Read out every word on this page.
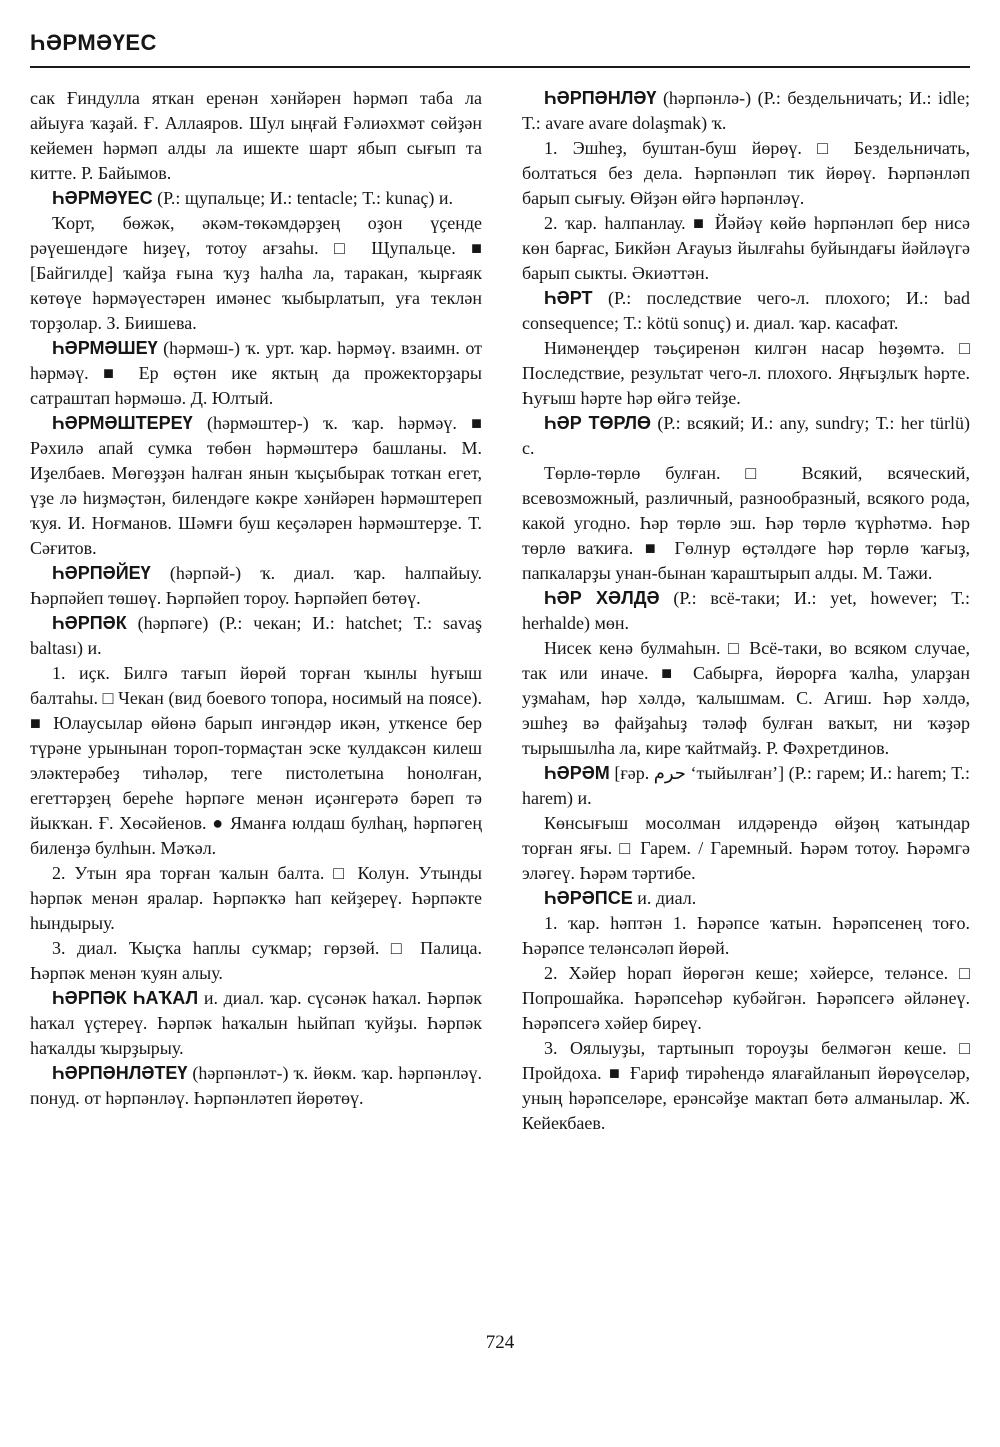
ҺӘРМӘҮЕС

сак Ғиндулла яткан еренән хәнйәрен һәрмәп таба ла айыуға ҡаҙай. Ғ. Аллаяров. Шул ыңғай Ғәлиәхмәт сөйҙән кейемен һәрмәп алды ла ишекте шарт ябып сығып та китте. Р. Байымов.

ҺӘРМӘҮЕС (Р.: щупальце; И.: tentacle; Т.: kunaç) и.

Ҡорт, бөжәк, әкәм-төкәмдәрҙең оҙон үҫенде рәүешендәге һиҙеү, тотоу ағзаһы. □ Щупальце. ■ [Байгилде] ҡайҙа ғына ҡуҙ һалһа ла, таракан, ҡырғаяк көтөүе һәрмәүестәрен имәнес ҡыбырлатып, уға теклән торҙолар. З. Биишева.

ҺӘРМӘШЕҮ (һәрмәш-) ҡ. урт. ҡар. һәрмәү. взаимн. от һәрмәү. ■ Ер өҫтөн ике яктың да прожекторҙары сатраштап һәрмәшә. Д. Юлтый.

ҺӘРМӘШТЕРЕҮ (һәрмәштер-) ҡ. ҡар. һәрмәү. ■ Рәхилә апай сумка төбөн һәрмәштерә башланы. М. Иҙелбаев. Мөгөҙҙән һалған янын ҡыҫыбырак тоткан егет, үҙе лә һиҙмәҫтән, билендәге кәкре хәнйәрен һәрмәштереп ҡуя. И. Ноғманов. Шәмғи буш кеҫәләрен һәрмәштерҙе. Т. Сәғитов.

ҺӘРПӘЙЕҮ (һәрпәй-) ҡ. диал. ҡар. һалпайыу. Һәрпәйеп төшөү. Һәрпәйеп тороу. Һәрпәйеп бөтөү.

ҺӘРПӘК (һәрпәге) (Р.: чекан; И.: hatchet; Т.: savaş baltası) и.

1. иҫк. Билгә тағып йөрөй торған ҡынлы һуғыш балтаһы. □ Чекан (вид боевого топора, носимый на поясе). ■ Юлаусылар өйөнә барып ингәндәр икән, уткенсе бер түрәне урынынан тороп-тормаҫтан эске ҡулдаксән килеш эләктерәбеҙ тиһәләр, тегe пистолетына һонолған, егеттәрҙең береһе һәрпәгe менән иҫәнгерәтә бәреп тә йыкҡан. Ғ. Хөсәйенов. ● Яманға юлдаш булһаң, һәрпәгeң биленҙә булһын. Мәҡәл.

2. Утын яра торған ҡалын балта. □ Колун. Утынды һәрпәк менән яралар. Һәрпәкҡә һап кейҙереү. Һәрпәкте һындырыу.

3. диал. Ҡыҫҡа һаплы суҡмар; гөрзөй. □ Палица. Һәрпәк менән ҡуян алыу.

ҺӘРПӘК ҺАҠАЛ и. диал. ҡар. сүсәнәк һаҡал. Һәрпәк һаҡал үҫтереү. Һәрпәк һаҡалын һыйпап ҡуйҙы. Һәрпәк һаҡалды ҡырҙырыу.

ҺӘРПӘНЛӘТЕҮ (һәрпәнләт-) ҡ. йөкм. ҡар. һәрпәнләү. понуд. от һәрпәнләү. Һәрпәнләтеп йөрөтөү.

ҺӘРПӘНЛӘҮ (һәрпәнлә-) (Р.: бездельничать; И.: idle; Т.: avare avare dolaşmak) ҡ.

1. Эшһеҙ, буштан-буш йөрөү. □ Бездельничать, болтаться без дела. Һәрпәнләп тик йөрөү. Һәрпәнләп барып сығыу. Өйҙән өйгә һәрпәнләү.

2. ҡар. һалпанлау. ■ Йәйәү көйө һәрпәнләп бер нисә көн барғас, Бикйән Ағауыз йылғаһы буйындағы йәйләүгә барып сыкты. Әкиәттән.

ҺӘРТ (Р.: последствие чего-л. плохого; И.: bad consequence; Т.: kötü sonuç) и. диал. ҡар. касафат.

Нимәнеңдер тәьҫиренән килгән насар һөҙөмтә. □ Последствие, результат чего-л. плохого. Яңғыҙлыҡ һәрте. Һуғыш һәрте һәр өйгә тейҙе.

ҺӘР ТӨРЛӨ (Р.: всякий; И.: any, sundry; Т.: her türlü) с.

Төрлө-төрлө булған. □ Всякий, всяческий, всевозможный, различный, разнообразный, всякого рода, какой угодно. Һәр төрлө эш. Һәр төрлө ҡүрһәтмә. Һәр төрлө ваҡиға. ■ Гөлнур өҫтәлдәге һәр төрлө ҡағыҙ, папкаларҙы унан-бынан ҡараштырып алды. М. Тажи.

ҺӘР ХӘЛДӘ (Р.: всё-таки; И.: yet, however; Т.: herhalde) мөн.

Нисек кенә булмаһын. □ Всё-таки, во всяком случае, так или иначе. ■ Сабырға, йөрорға ҡалһа, уларҙан уҙмаһам, һәр хәлдә, ҡалышмам. С. Агиш. Һәр хәлдә, эшһеҙ вә файҙаһыҙ тәләф булған ваҡыт, ни ҡәҙәр тырышылһа ла, кире ҡайтмайҙ. Р. Фәхретдинов.

ҺӘРӘМ [ғәр. حرم ‘тыйылған’] (Р.: гарем; И.: harem; Т.: harem) и.

Көнсығыш мосолман илдәрендә өйҙөң ҡатындар торған яғы. □ Гарем. / Гаремный. Һәрәм тотоу. Һәрәмгә эләгеү. Һәрәм тәртибе.

ҺӘРӘПСЕ и. диал.

1. ҡар. һәптән 1. Һәрәпсе ҡатын. Һәрәпсенең тоғо. Һәрәпсе теләнсәләп йөрөй.

2. Хәйер һорап йөрөгән кеше; хәйерсе, теләнсе. □ Попрошайка. Һәрәпсеһәр кубәйгән. Һәрәпсегә әйләнеү. Һәрәпсегә хәйер биреү.

3. Оялыуҙы, тартынып тороуҙы белмәгән кеше. □ Пройдоха. ■ Ғариф тирәһендә ялағайланып йөрөүселәр, уның һәрәпселәре, ерәнсәйҙе мактап бөтә алманылар. Ж. Кейекбаев.

724
